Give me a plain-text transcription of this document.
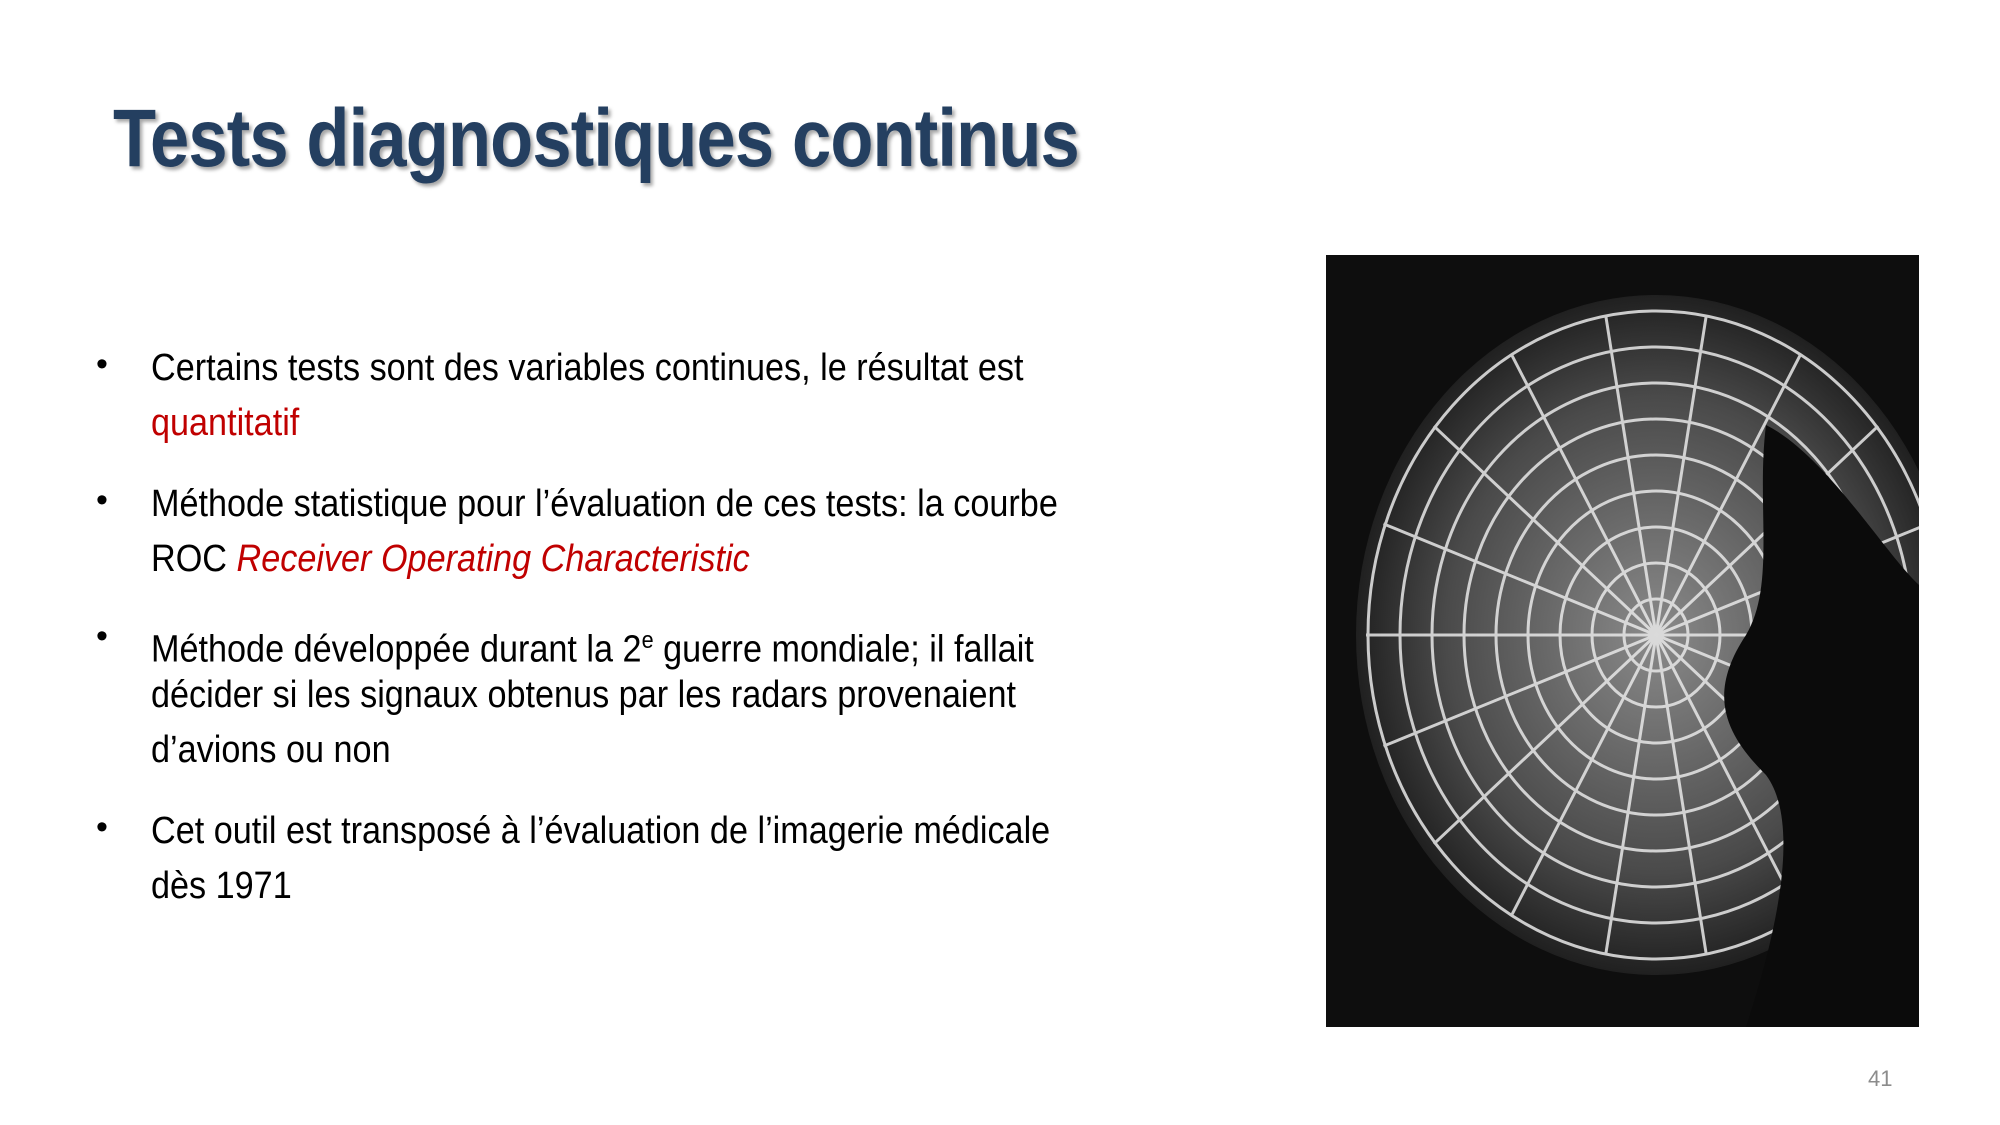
Tests diagnostiques continus
• Certains tests sont des variables continues, le résultat est
quantitatif
• Méthode statistique pour l’évaluation de ces tests: la courbe
ROC Receiver Operating Characteristic
• Méthode développée durant la 2e guerre mondiale; il fallait
décider si les signaux obtenus par les radars provenaient
d’avions ou non
• Cet outil est transposé à l’évaluation de l’imagerie médicale
dès 1971
41
